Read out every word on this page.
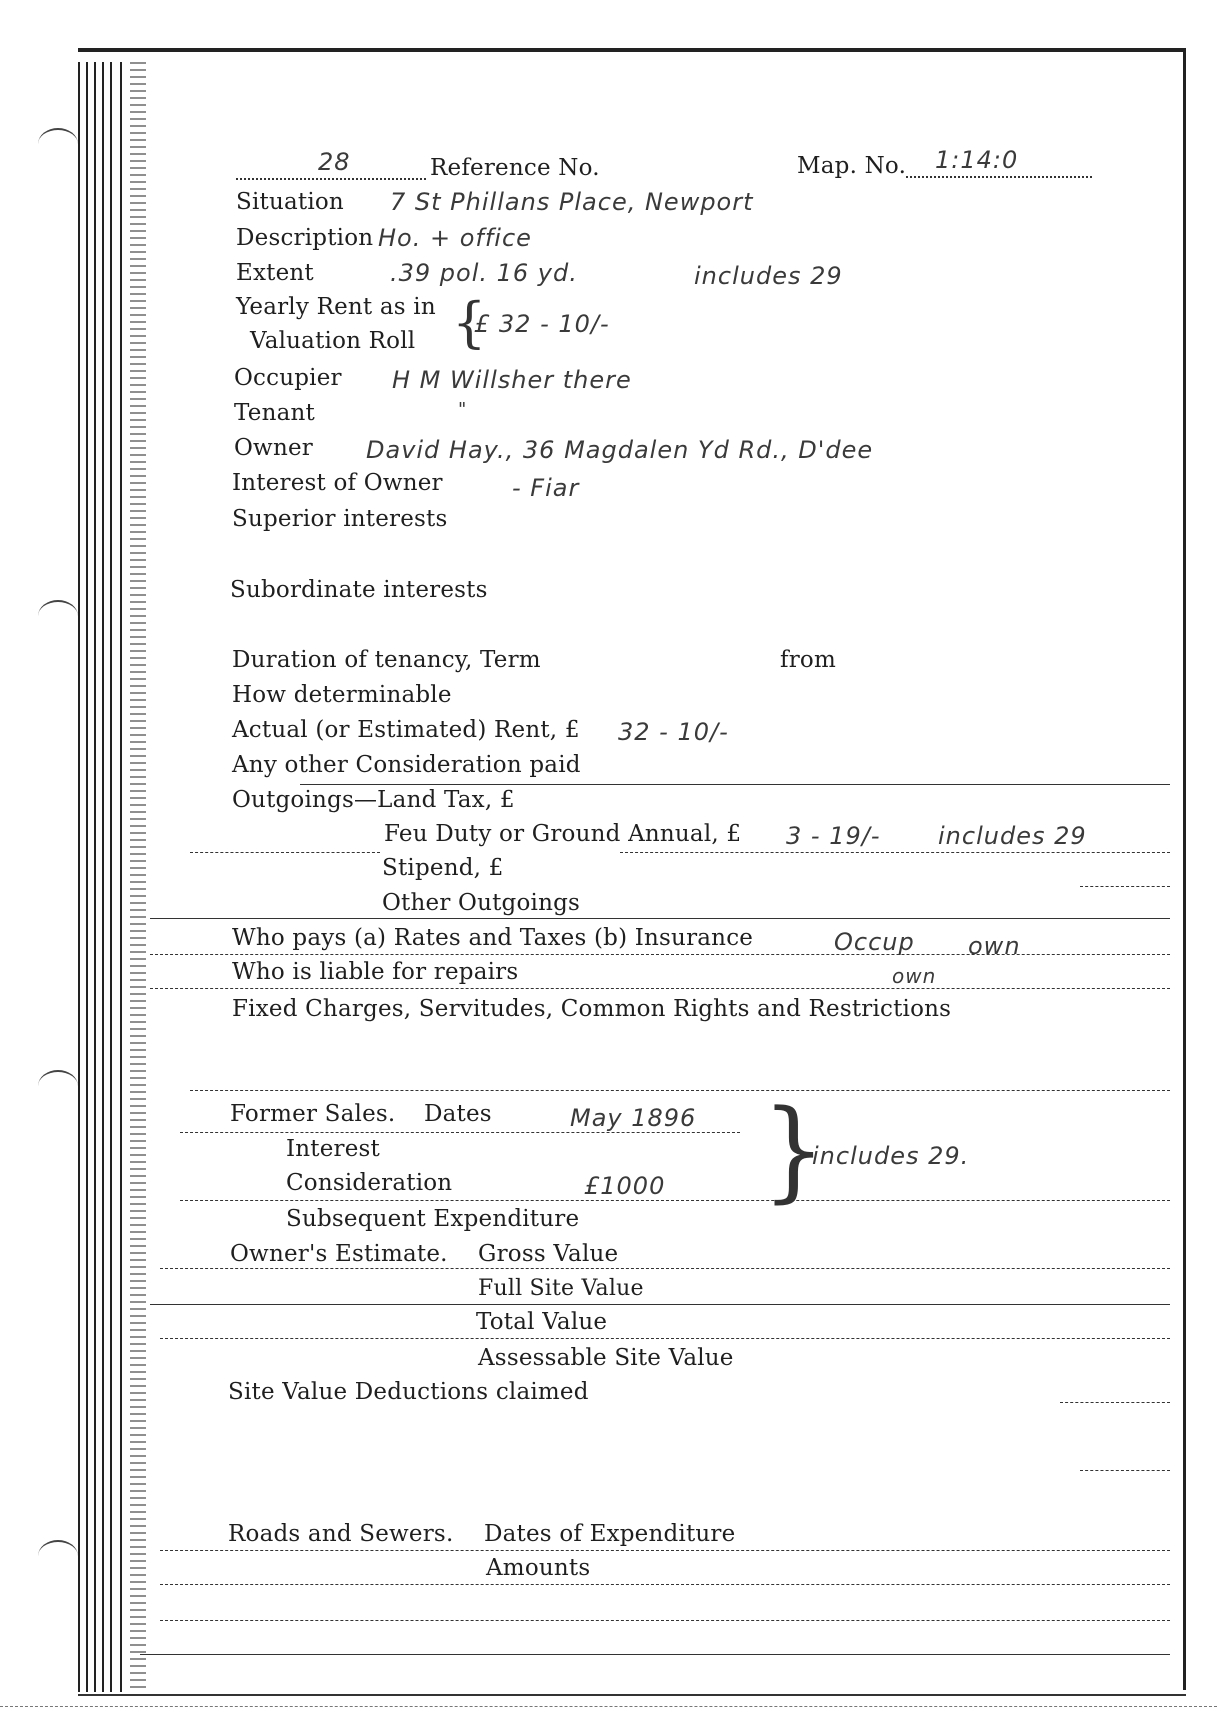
28	Reference No.	Map. No. 1:14:0
Situation 7 St Phillans Place, Newport
Description Ho. + office
Extent	.39 pol. 16 yd.	includes 29
Yearly Rent as in
Valuation Roll {
£ 32 - 10/-
Occupier H M Willsher there
Tenant	"
Owner David Hay., 36 Magdalen Yd Rd., D'dee
Interest of Owner	- Fiar
Superior interests
Subordinate interests
Duration of tenancy, Term	from
How determinable
Actual (or Estimated) Rent, £ 32 - 10/-
Any other Consideration paid
Outgoings—Land Tax, £
Feu Duty or Ground Annual, £ 3 - 19/- includes 29
Stipend, £
Other Outgoings
Who pays (a) Rates and Taxes (b) Insurance	Occup own
Who is liable for repairs	own
Fixed Charges, Servitudes, Common Rights and Restrictions
Former Sales. Dates	May 1896 {
includes 29.
Interest
Consideration	£1000
Subsequent Expenditure
Owner's Estimate. Gross Value
Full Site Value
Total Value
Assessable Site Value
Site Value Deductions claimed
Roads and Sewers. Dates of Expenditure
Amounts
